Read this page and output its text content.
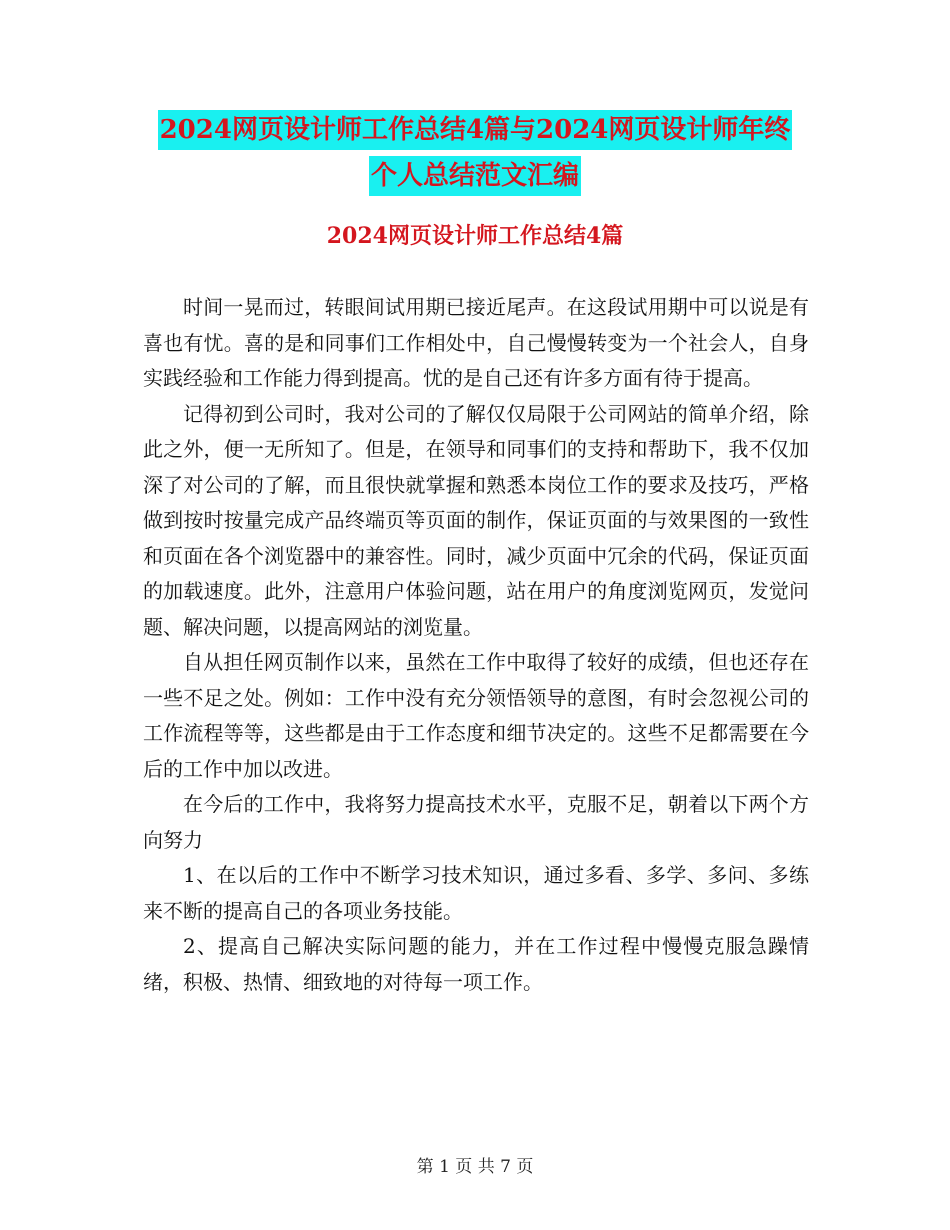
2024网页设计师工作总结4篇与2024网页设计师年终
个人总结范文汇编
2024网页设计师工作总结4篇

时间一晃而过，转眼间试用期已接近尾声。在这段试用期中可以说是有喜也有忧。喜的是和同事们工作相处中，自己慢慢转变为一个社会人，自身实践经验和工作能力得到提高。忧的是自己还有许多方面有待于提高。

记得初到公司时，我对公司的了解仅仅局限于公司网站的简单介绍，除此之外，便一无所知了。但是，在领导和同事们的支持和帮助下，我不仅加深了对公司的了解，而且很快就掌握和熟悉本岗位工作的要求及技巧，严格做到按时按量完成产品终端页等页面的制作，保证页面的与效果图的一致性和页面在各个浏览器中的兼容性。同时，减少页面中冗余的代码，保证页面的加载速度。此外，注意用户体验问题，站在用户的角度浏览网页，发觉问题、解决问题，以提高网站的浏览量。

自从担任网页制作以来，虽然在工作中取得了较好的成绩，但也还存在一些不足之处。例如：工作中没有充分领悟领导的意图，有时会忽视公司的工作流程等等，这些都是由于工作态度和细节决定的。这些不足都需要在今后的工作中加以改进。

在今后的工作中，我将努力提高技术水平，克服不足，朝着以下两个方向努力

1、在以后的工作中不断学习技术知识，通过多看、多学、多问、多练来不断的提高自己的各项业务技能。

2、提高自己解决实际问题的能力，并在工作过程中慢慢克服急躁情绪，积极、热情、细致地的对待每一项工作。

第 1 页 共 7 页
